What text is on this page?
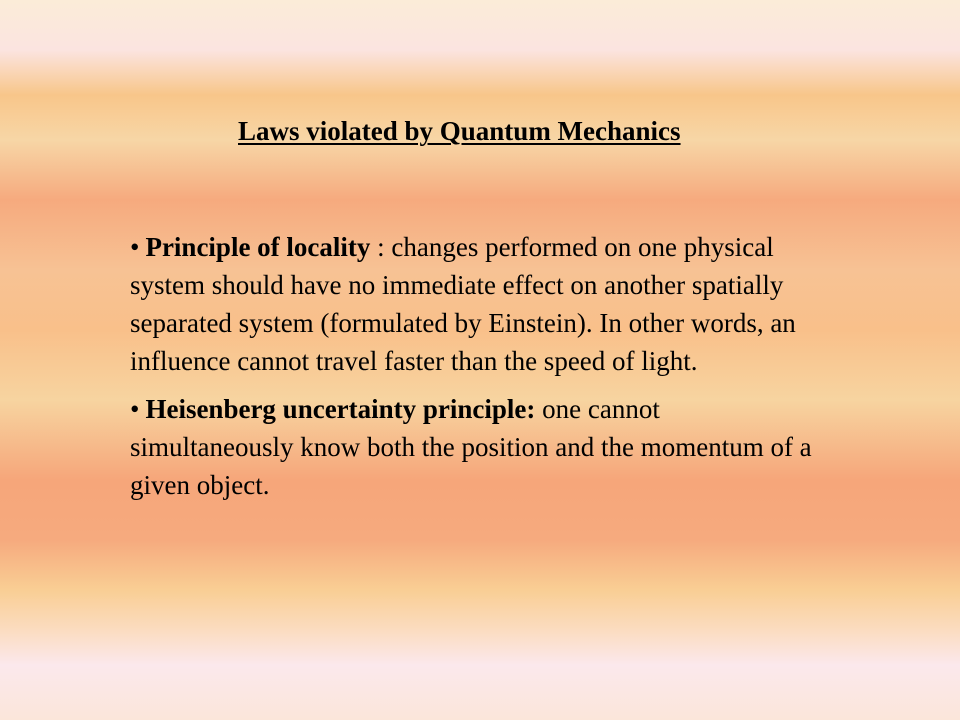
Laws violated by Quantum Mechanics
• Principle of locality : changes performed on one physical system should have no immediate effect on another spatially separated system (formulated by Einstein). In other words, an influence cannot travel faster than the speed of light.
• Heisenberg uncertainty principle: one cannot simultaneously know both the position and the momentum of a given object.
